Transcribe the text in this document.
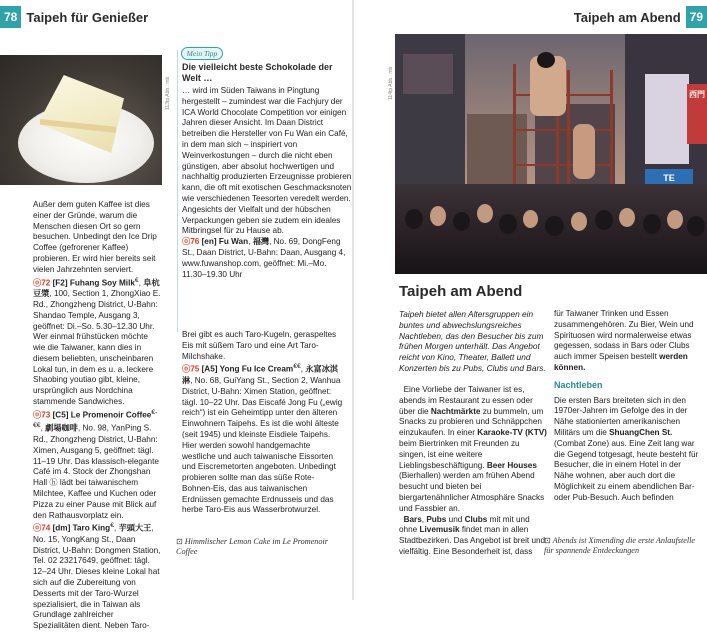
78 Taipeh für Genießer
113tp Abb.: mb

Außer dem guten Kaffee ist dies einer der Gründe, warum die Menschen diesen Ort so gern besuchen. Unbedingt den Ice Drip Coffee (gefrorener Kaffee) probieren. Er wird hier bereits seit vielen Jahrzehnten serviert.

ⓞ72 [F2] Fuhang Soy Milk€, 阜杭豆漿, 100, Section 1, ZhongXiao E. Rd., Zhongzheng District, U-Bahn: Shandao Temple, Ausgang 3, geöffnet: Di.–So. 5.30–12.30 Uhr. Wer einmal frühstücken möchte wie die Taiwaner, kann dies in diesem beliebten, unscheinbaren Lokal tun, in dem es u. a. leckere Shaobing youtiao gibt, kleine, ursprünglich aus Nordchina stammende Sandwiches.

ⓞ73 [C5] Le Promenoir Coffee€-€€, 劇場咖啡, No. 98, YanPing S. Rd., Zhongzheng District, U-Bahn: Ximen, Ausgang 5, geöffnet: tägl. 11–19 Uhr. Das klassisch-elegante Café im 4. Stock der Zhongshan Hall ⓗ lädt bei taiwanischem Milchtee, Kaffee und Kuchen oder Pizza zu einer Pause mit Blick auf den Rathausvorplatz ein.

ⓞ74 [dm] Taro King€, 芋頭大王, No. 15, YongKang St., Daan District, U-Bahn: Dongmen Station, Tel. 02 23217649, geöffnet: tägl. 12–24 Uhr. Dieses kleine Lokal hat sich auf die Zubereitung von Desserts mit der Taro-Wurzel spezialisiert, die in Taiwan als Grundlage zahlreicher Spezialitäten dient. Neben Taro-

Mein Tipp
Die vielleicht beste Schokolade der Welt …

… wird im Süden Taiwans in Pingtung hergestellt – zumindest war die Fachjury der ICA World Chocolate Competition vor einigen Jahren dieser Ansicht. Im Daan District betreiben die Hersteller von Fu Wan ein Café, in dem man sich – inspiriert von Weinverkostungen – durch die nicht eben günstigen, aber absolut hochwertigen und nachhaltig produzierten Erzeugnisse probieren kann, die oft mit exotischen Geschmacksnoten wie verschiedenen Teesorten veredelt werden. Angesichts der Vielfalt und der hübschen Verpackungen geben sie zudem ein ideales Mitbringsel für zu Hause ab.

ⓞ76 [en] Fu Wan, 福灣, No. 69, DongFeng St., Daan District, U-Bahn: Daan, Ausgang 4, www.fuwanshop.com, geöffnet: Mi.–Mo. 11.30–19.30 Uhr

Brei gibt es auch Taro-Kugeln, geraspeltes Eis mit süßem Taro und eine Art Taro-Milchshake.

ⓞ75 [A5] Yong Fu Ice Cream€€, 永富冰淇淋, No. 68, GuiYang St., Section 2, Wanhua District, U-Bahn: Ximen Station, geöffnet: tägl. 10–22 Uhr. Das Eiscafé Jong Fu („ewig reich“) ist ein Geheimtipp unter den älteren Einwohnern Taipehs. Es ist die wohl älteste (seit 1945) und kleinste Eisdiele Taipehs. Hier werden sowohl handgemachte westliche und auch taiwanische Eissorten und Eiscremetorten angeboten. Unbedingt probieren sollte man das süße Rote-Bohnen-Eis, das aus taiwanischen Erdnüssen gemachte Erdnusseis und das herbe Taro-Eis aus Wasserbrotwurzel.

⊡ Himmlischer Lemon Cake im Le Promenoir Coffee
Taipeh am Abend 79
114tp Abb.: mb	西門
TE
Taipeh am Abend
Taipeh bietet allen Altersgruppen ein buntes und abwechslungsreiches Nachtleben, das den Besucher bis zum frühen Morgen unterhält. Das Angebot reicht von Kino, Theater, Ballett und Konzerten bis zu Pubs, Clubs und Bars.

Eine Vorliebe der Taiwaner ist es, abends im Restaurant zu essen oder über die Nachtmärkte zu bummeln, um Snacks zu probieren und Schnäppchen einzukaufen. In einer Karaoke-TV (KTV) beim Biertrinken mit Freunden zu singen, ist eine weitere Lieblingsbeschäftigung. Beer Houses (Bierhallen) werden am frühen Abend besucht und bieten bei biergartenähnlicher Atmosphäre Snacks und Fassbier an.

Bars, Pubs und Clubs mit mit und ohne Livemusik findet man in allen Stadtbezirken. Das Angebot ist breit und vielfältig. Eine Besonderheit ist, dass

für Taiwaner Trinken und Essen zusammengehören. Zu Bier, Wein und Spirituosen wird normalerweise etwas gegessen, sodass in Bars oder Clubs auch immer Speisen bestellt werden können.

Nachtleben

Die ersten Bars breiteten sich in den 1970er-Jahren im Gefolge des in der Nähe stationierten amerikanischen Militärs um die ShuangChen St. (Combat Zone) aus. Eine Zeit lang war die Gegend totgesagt, heute besteht für Besucher, die in einem Hotel in der Nähe wohnen, aber auch dort die Möglichkeit zu einem abendlichen Bar- oder Pub-Besuch. Auch befinden

⊡ Abends ist Ximending die erste Anlaufstelle für spannende Entdeckungen
